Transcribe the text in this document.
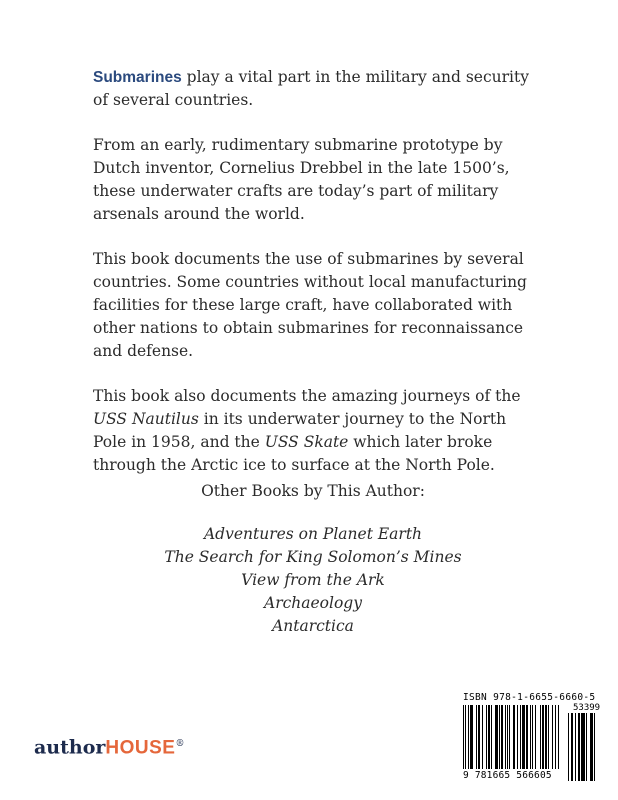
Submarines play a vital part in the military and security of several countries.

From an early, rudimentary submarine prototype by Dutch inventor, Cornelius Drebbel in the late 1500’s, these underwater crafts are today’s part of military arsenals around the world.

This book documents the use of submarines by several countries. Some countries without local manufacturing facilities for these large craft, have collaborated with other nations to obtain submarines for reconnaissance and defense.

This book also documents the amazing journeys of the USS Nautilus in its underwater journey to the North Pole in 1958, and the USS Skate which later broke through the Arctic ice to surface at the North Pole.

Other Books by This Author:
Adventures on Planet Earth
The Search for King Solomon’s Mines
View from the Ark
Archaeology
Antarctica
authorHOUSE®
ISBN 978-1-6655-6660-5
53399
9 781665 566605
